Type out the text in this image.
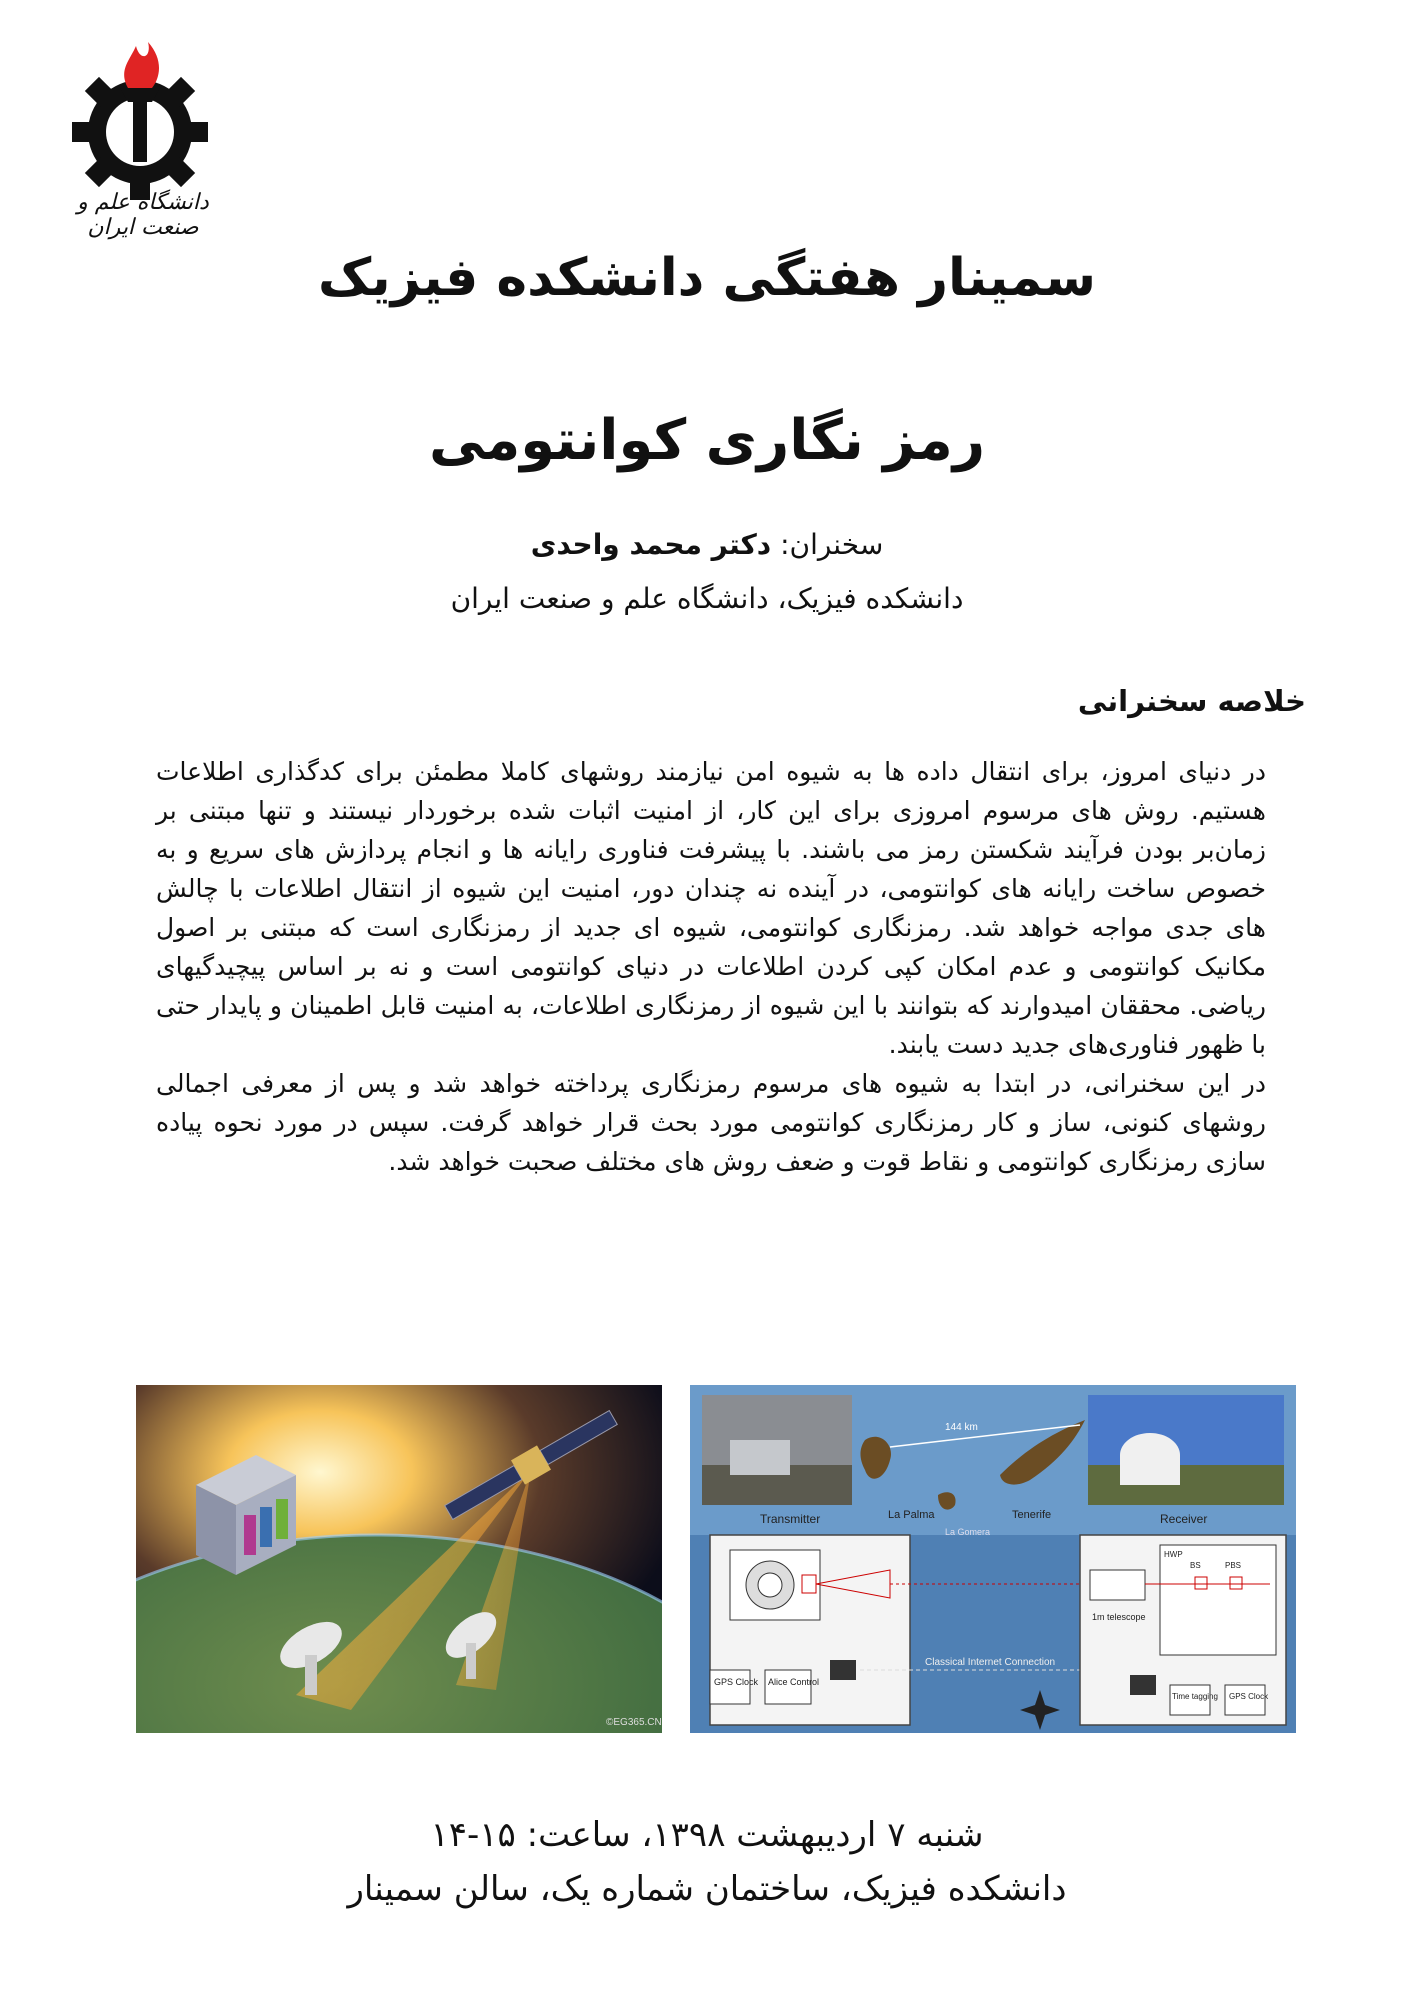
دانشگاه علم و صنعت ایران
سمینار هفتگی دانشکده فیزیک
رمز نگاری کوانتومی
سخنران: دکتر محمد واحدی
دانشکده فیزیک، دانشگاه علم و صنعت ایران
خلاصه سخنرانی

در دنیای امروز، برای انتقال داده ها به شیوه امن نیازمند روشهای کاملا مطمئن برای کدگذاری اطلاعات هستیم. روش های مرسوم امروزی برای این کار، از امنیت اثبات شده برخوردار نیستند و تنها مبتنی بر زمان‌بر بودن فرآیند شکستن رمز می باشند. با پیشرفت فناوری رایانه ها و انجام پردازش های سریع و به خصوص ساخت رایانه های کوانتومی، در آینده نه چندان دور، امنیت این شیوه از انتقال اطلاعات با چالش های جدی مواجه خواهد شد. رمزنگاری کوانتومی، شیوه ای جدید از رمزنگاری است که مبتنی بر اصول مکانیک کوانتومی و عدم امکان کپی کردن اطلاعات در دنیای کوانتومی است و نه بر اساس پیچیدگیهای ریاضی. محققان امیدوارند که بتوانند با این شیوه از رمزنگاری اطلاعات، به امنیت قابل اطمینان و پایدار حتی با ظهور فناوری‌های جدید دست یابند.

در این سخنرانی، در ابتدا به شیوه های مرسوم رمزنگاری پرداخته خواهد شد و پس از معرفی اجمالی روشهای کنونی، ساز و کار رمزنگاری کوانتومی مورد بحث قرار خواهد گرفت. سپس در مورد نحوه پیاده سازی رمزنگاری کوانتومی و نقاط قوت و ضعف روش های مختلف صحبت خواهد شد.

©EG365.CN
144 km
La Palma	Tenerife
La Gomera
Transmitter	Receiver
GPS Clock Alice Control
Classical Internet Connection
1m telescope
HWP
BS	PBS
Time tagging GPS Clock
شنبه ۷ اردیبهشت ۱۳۹۸، ساعت: ۱۵-۱۴
دانشکده فیزیک، ساختمان شماره یک، سالن سمینار
